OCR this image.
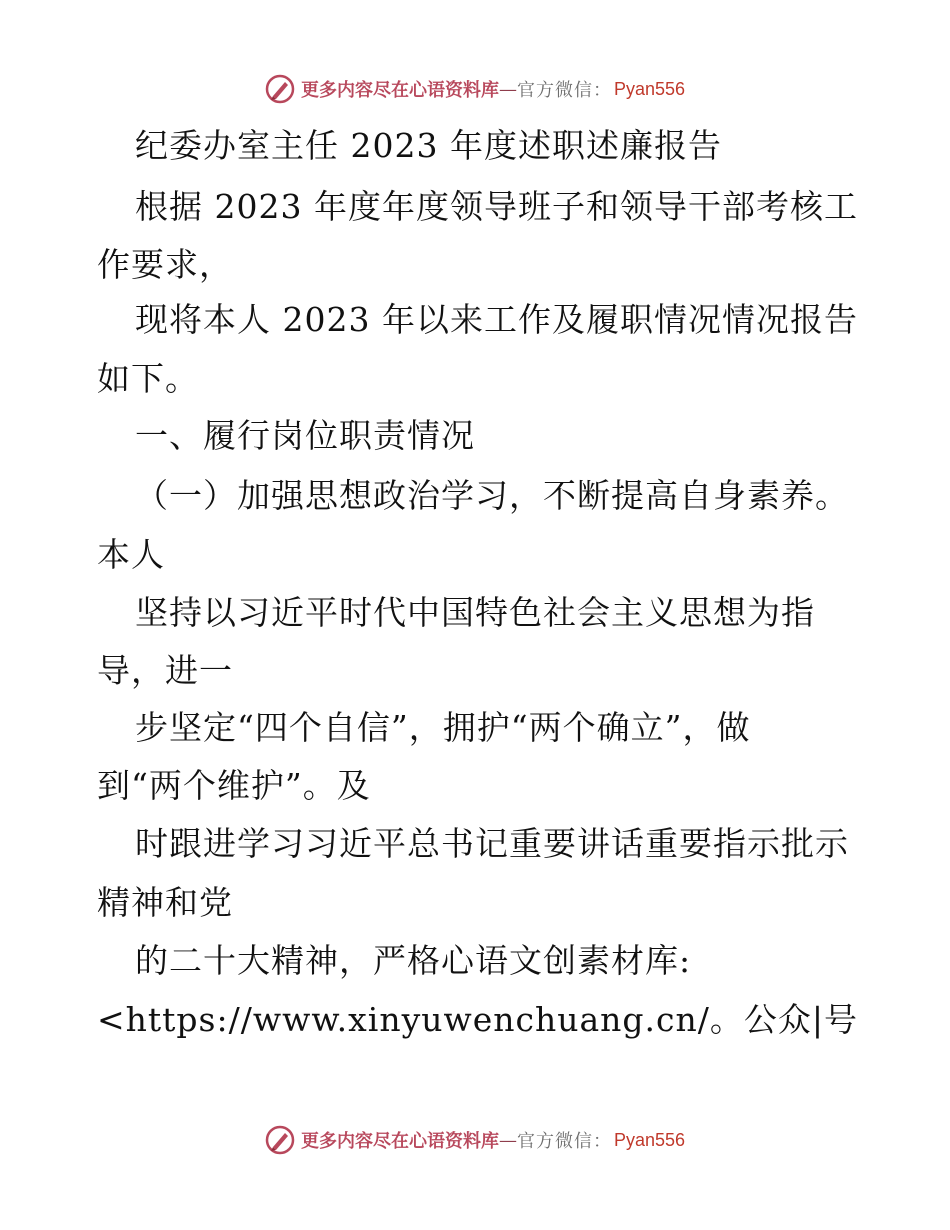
更多内容尽在心语资料库 — 官方微信： Pyan556
纪委办室主任 2023 年度述职述廉报告
根据 2023 年度年度领导班子和领导干部考核工
作要求，
现将本人 2023 年以来工作及履职情况情况报告
如下。
一、履行岗位职责情况
（一）加强思想政治学习，不断提高自身素养。
本人
坚持以习近平时代中国特色社会主义思想为指
导，进一
步坚定“四个自信”，拥护“两个确立”，做
到“两个维护”。及
时跟进学习习近平总书记重要讲话重要指示批示
精神和党
的二十大精神，严格心语文创素材库:
<https://www.xinyuwenchuang.cn/。公众|号
更多内容尽在心语资料库 — 官方微信： Pyan556
